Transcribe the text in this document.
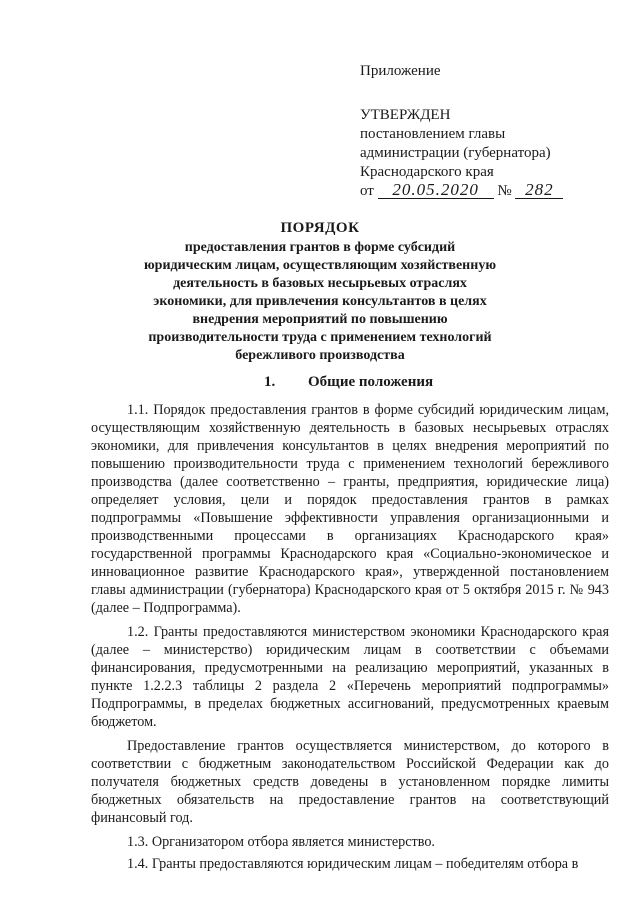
Приложение
УТВЕРЖДЕН
постановлением главы
администрации (губернатора)
Краснодарского края
от 20.05.2020 № 282
ПОРЯДОК
предоставления грантов в форме субсидий
юридическим лицам, осуществляющим хозяйственную
деятельность в базовых несырьевых отраслях
экономики, для привлечения консультантов в целях
внедрения мероприятий по повышению
производительности труда с применением технологий
бережливого производства
1. Общие положения

1.1. Порядок предоставления грантов в форме субсидий юридическим лицам, осуществляющим хозяйственную деятельность в базовых несырьевых отраслях экономики, для привлечения консультантов в целях внедрения мероприятий по повышению производительности труда с применением технологий бережливого производства (далее соответственно – гранты, предприятия, юридические лица) определяет условия, цели и порядок предоставления грантов в рамках подпрограммы «Повышение эффективности управления организационными и производственными процессами в организациях Краснодарского края» государственной программы Краснодарского края «Социально-экономическое и инновационное развитие Краснодарского края», утвержденной постановлением главы администрации (губернатора) Краснодарского края от 5 октября 2015 г. № 943 (далее – Подпрограмма).

1.2. Гранты предоставляются министерством экономики Краснодарского края (далее – министерство) юридическим лицам в соответствии с объемами финансирования, предусмотренными на реализацию мероприятий, указанных в пункте 1.2.2.3 таблицы 2 раздела 2 «Перечень мероприятий подпрограммы» Подпрограммы, в пределах бюджетных ассигнований, предусмотренных краевым бюджетом.

Предоставление грантов осуществляется министерством, до которого в соответствии с бюджетным законодательством Российской Федерации как до получателя бюджетных средств доведены в установленном порядке лимиты бюджетных обязательств на предоставление грантов на соответствующий финансовый год.

1.3. Организатором отбора является министерство.

1.4. Гранты предоставляются юридическим лицам – победителям отбора в
